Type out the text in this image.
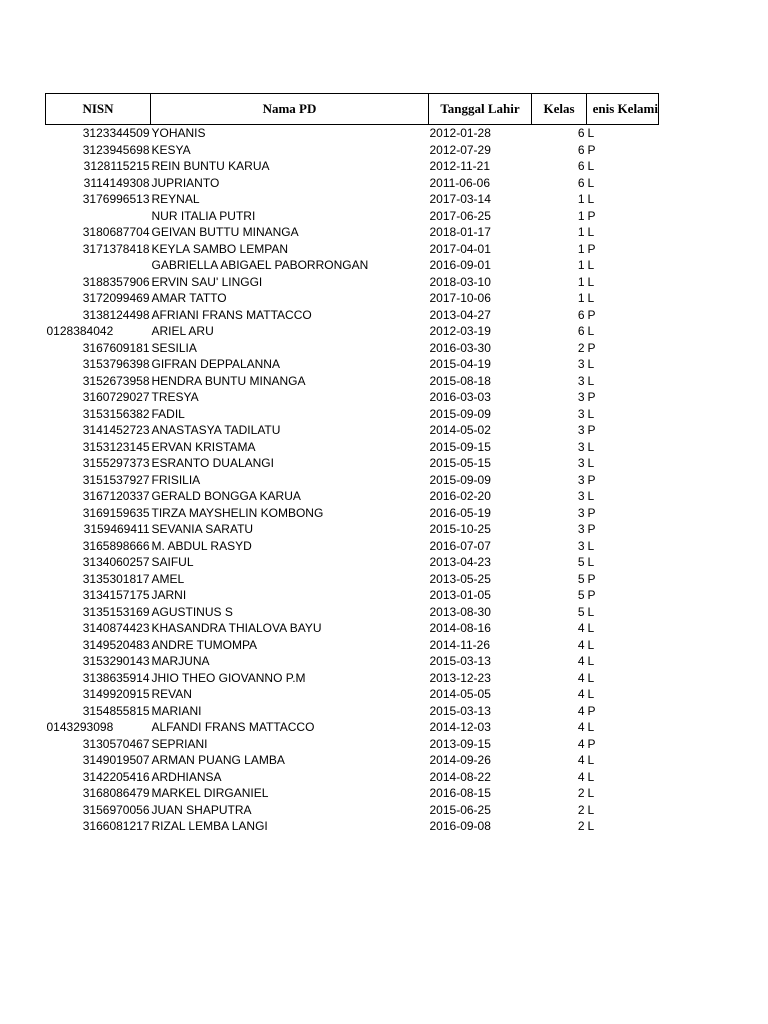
NISN	Nama PD	Tanggal Lahir	Kelas	enis Kelami
3123344509	YOHANIS	2012-01-28	6	L
3123945698	KESYA	2012-07-29	6	P
3128115215	REIN BUNTU KARUA	2012-11-21	6	L
3114149308	JUPRIANTO	2011-06-06	6	L
3176996513	REYNAL	2017-03-14	1	L
	NUR ITALIA PUTRI	2017-06-25	1	P
3180687704	GEIVAN BUTTU MINANGA	2018-01-17	1	L
3171378418	KEYLA SAMBO LEMPAN	2017-04-01	1	P
	GABRIELLA ABIGAEL PABORRONGAN	2016-09-01	1	L
3188357906	ERVIN SAU' LINGGI	2018-03-10	1	L
3172099469	AMAR TATTO	2017-10-06	1	L
3138124498	AFRIANI FRANS MATTACCO	2013-04-27	6	P
0128384042	ARIEL ARU	2012-03-19	6	L
3167609181	SESILIA	2016-03-30	2	P
3153796398	GIFRAN DEPPALANNA	2015-04-19	3	L
3152673958	HENDRA BUNTU MINANGA	2015-08-18	3	L
3160729027	TRESYA	2016-03-03	3	P
3153156382	FADIL	2015-09-09	3	L
3141452723	ANASTASYA TADILATU	2014-05-02	3	P
3153123145	ERVAN KRISTAMA	2015-09-15	3	L
3155297373	ESRANTO DUALANGI	2015-05-15	3	L
3151537927	FRISILIA	2015-09-09	3	P
3167120337	GERALD BONGGA KARUA	2016-02-20	3	L
3169159635	TIRZA MAYSHELIN KOMBONG	2016-05-19	3	P
3159469411	SEVANIA SARATU	2015-10-25	3	P
3165898666	M. ABDUL RASYD	2016-07-07	3	L
3134060257	SAIFUL	2013-04-23	5	L
3135301817	AMEL	2013-05-25	5	P
3134157175	JARNI	2013-01-05	5	P
3135153169	AGUSTINUS S	2013-08-30	5	L
3140874423	KHASANDRA THIALOVA BAYU	2014-08-16	4	L
3149520483	ANDRE TUMOMPA	2014-11-26	4	L
3153290143	MARJUNA	2015-03-13	4	L
3138635914	JHIO THEO GIOVANNO P.M	2013-12-23	4	L
3149920915	REVAN	2014-05-05	4	L
3154855815	MARIANI	2015-03-13	4	P
0143293098	ALFANDI FRANS MATTACCO	2014-12-03	4	L
3130570467	SEPRIANI	2013-09-15	4	P
3149019507	ARMAN PUANG LAMBA	2014-09-26	4	L
3142205416	ARDHIANSA	2014-08-22	4	L
3168086479	MARKEL DIRGANIEL	2016-08-15	2	L
3156970056	JUAN SHAPUTRA	2015-06-25	2	L
3166081217	RIZAL LEMBA LANGI	2016-09-08	2	L
